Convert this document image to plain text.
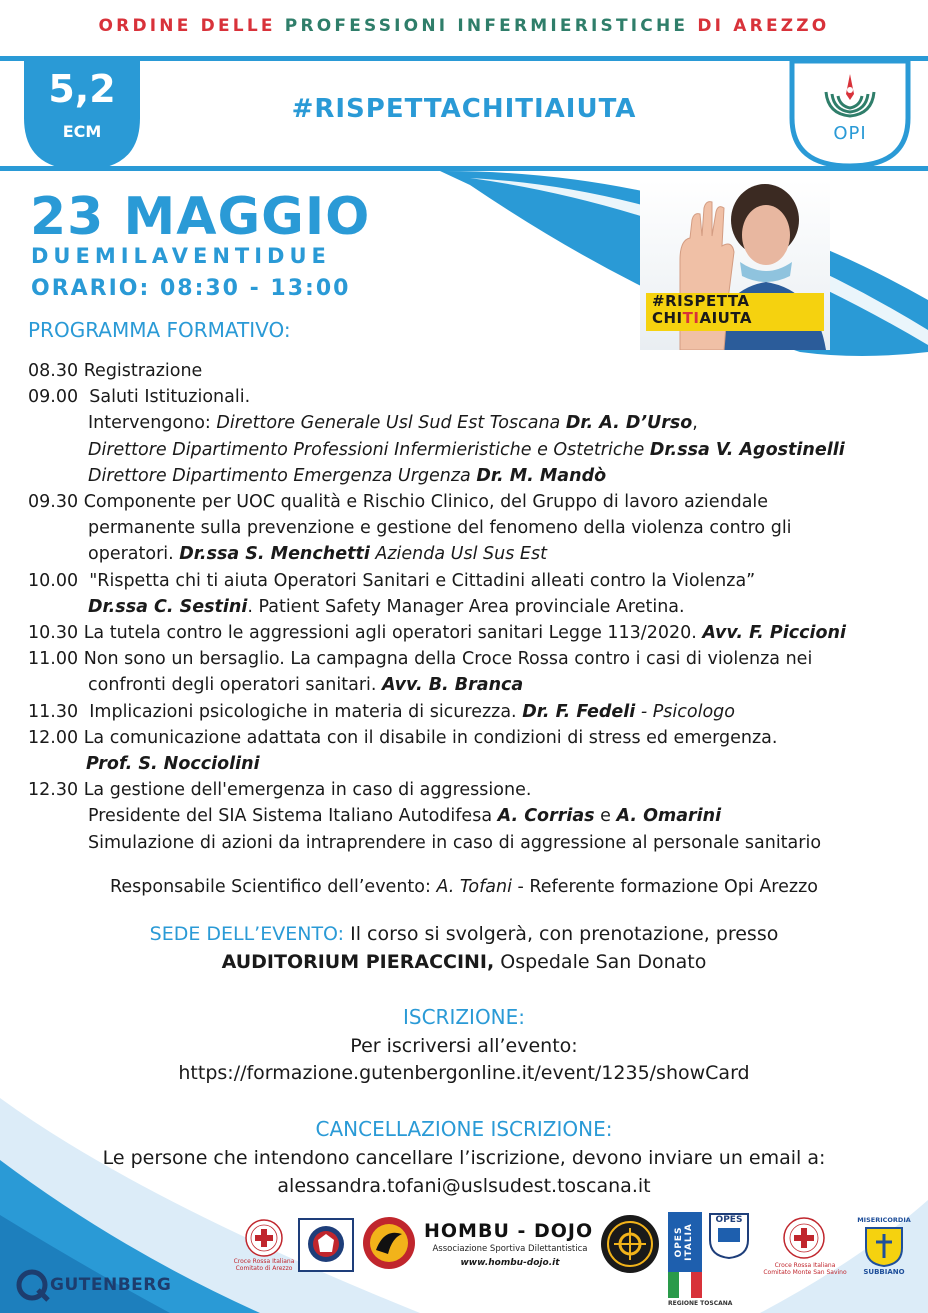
ORDINE DELLE PROFESSIONI INFERMIERISTICHE DI AREZZO
5,2
ECM
#RISPETTACHITIAIUTA
OPI
#RISPETTA
CHITIAIUTA
23 MAGGIO
DUEMILAVENTIDUE
ORARIO: 08:30 - 13:00
PROGRAMMA FORMATIVO:
08.30 Registrazione
09.00 Saluti Istituzionali.
Intervengono: Direttore Generale Usl Sud Est Toscana Dr. A. D’Urso,
Direttore Dipartimento Professioni Infermieristiche e Ostetriche Dr.ssa V. Agostinelli
Direttore Dipartimento Emergenza Urgenza Dr. M. Mandò
09.30 Componente per UOC qualità e Rischio Clinico, del Gruppo di lavoro aziendale
permanente sulla prevenzione e gestione del fenomeno della violenza contro gli
operatori. Dr.ssa S. Menchetti Azienda Usl Sus Est
10.00 "Rispetta chi ti aiuta Operatori Sanitari e Cittadini alleati contro la Violenza”
Dr.ssa C. Sestini. Patient Safety Manager Area provinciale Aretina.
10.30 La tutela contro le aggressioni agli operatori sanitari Legge 113/2020. Avv. F. Piccioni
11.00 Non sono un bersaglio. La campagna della Croce Rossa contro i casi di violenza nei
confronti degli operatori sanitari. Avv. B. Branca
11.30 Implicazioni psicologiche in materia di sicurezza. Dr. F. Fedeli - Psicologo
12.00 La comunicazione adattata con il disabile in condizioni di stress ed emergenza.
Prof. S. Nocciolini
12.30 La gestione dell'emergenza in caso di aggressione.
Presidente del SIA Sistema Italiano Autodifesa A. Corrias e A. Omarini
Simulazione di azioni da intraprendere in caso di aggressione al personale sanitario
Responsabile Scientifico dell’evento: A. Tofani - Referente formazione Opi Arezzo
SEDE DELL’EVENTO: Il corso si svolgerà, con prenotazione, presso
AUDITORIUM PIERACCINI, Ospedale San Donato
ISCRIZIONE:
Per iscriversi all’evento:
https://formazione.gutenbergonline.it/event/1235/showCard
CANCELLAZIONE ISCRIZIONE:
Le persone che intendono cancellare l’iscrizione, devono inviare un email a:
alessandra.tofani@uslsudest.toscana.it
GUTENBERG
Croce Rossa Italiana
Comitato di Arezzo
HOMBU - DOJO
Associazione Sportiva Dilettantistica
www.hombu-dojo.it
OPES ITALIA
OPES
REGIONE TOSCANA
Croce Rossa Italiana
Comitato Monte San Savino
MISERICORDIA
SUBBIANO
